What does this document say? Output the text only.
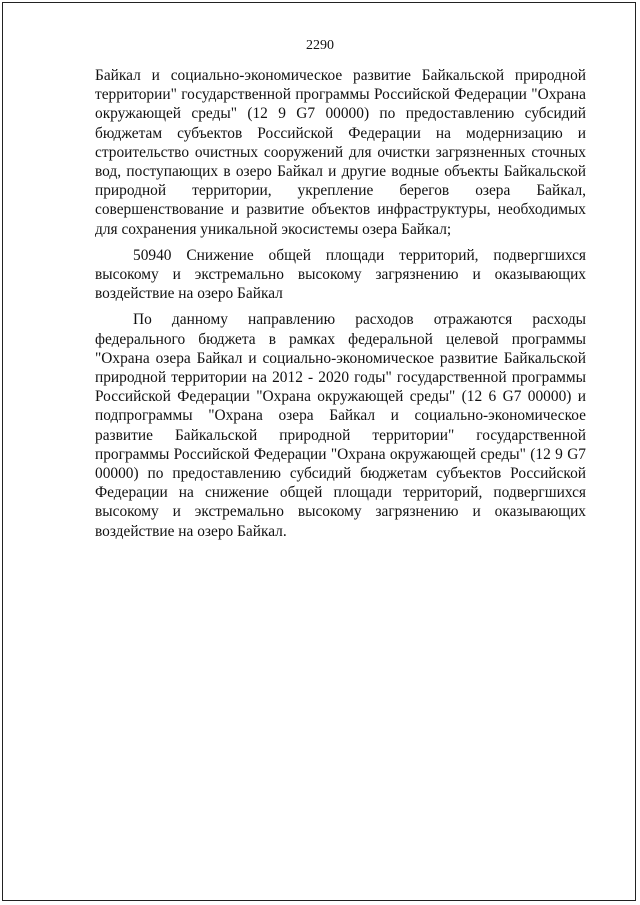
2290

Байкал и социально-экономическое развитие Байкальской природной территории" государственной программы Российской Федерации "Охрана окружающей среды" (12 9 G7 00000) по предоставлению субсидий бюджетам субъектов Российской Федерации на модернизацию и строительство очистных сооружений для очистки загрязненных сточных вод, поступающих в озеро Байкал и другие водные объекты Байкальской природной территории, укрепление берегов озера Байкал, совершенствование и развитие объектов инфраструктуры, необходимых для сохранения уникальной экосистемы озера Байкал;

50940 Снижение общей площади территорий, подвергшихся высокому и экстремально высокому загрязнению и оказывающих воздействие на озеро Байкал

По данному направлению расходов отражаются расходы федерального бюджета в рамках федеральной целевой программы "Охрана озера Байкал и социально-экономическое развитие Байкальской природной территории на 2012 - 2020 годы" государственной программы Российской Федерации "Охрана окружающей среды" (12 6 G7 00000) и подпрограммы "Охрана озера Байкал и социально-экономическое развитие Байкальской природной территории" государственной программы Российской Федерации "Охрана окружающей среды" (12 9 G7 00000) по предоставлению субсидий бюджетам субъектов Российской Федерации на снижение общей площади территорий, подвергшихся высокому и экстремально высокому загрязнению и оказывающих воздействие на озеро Байкал.
